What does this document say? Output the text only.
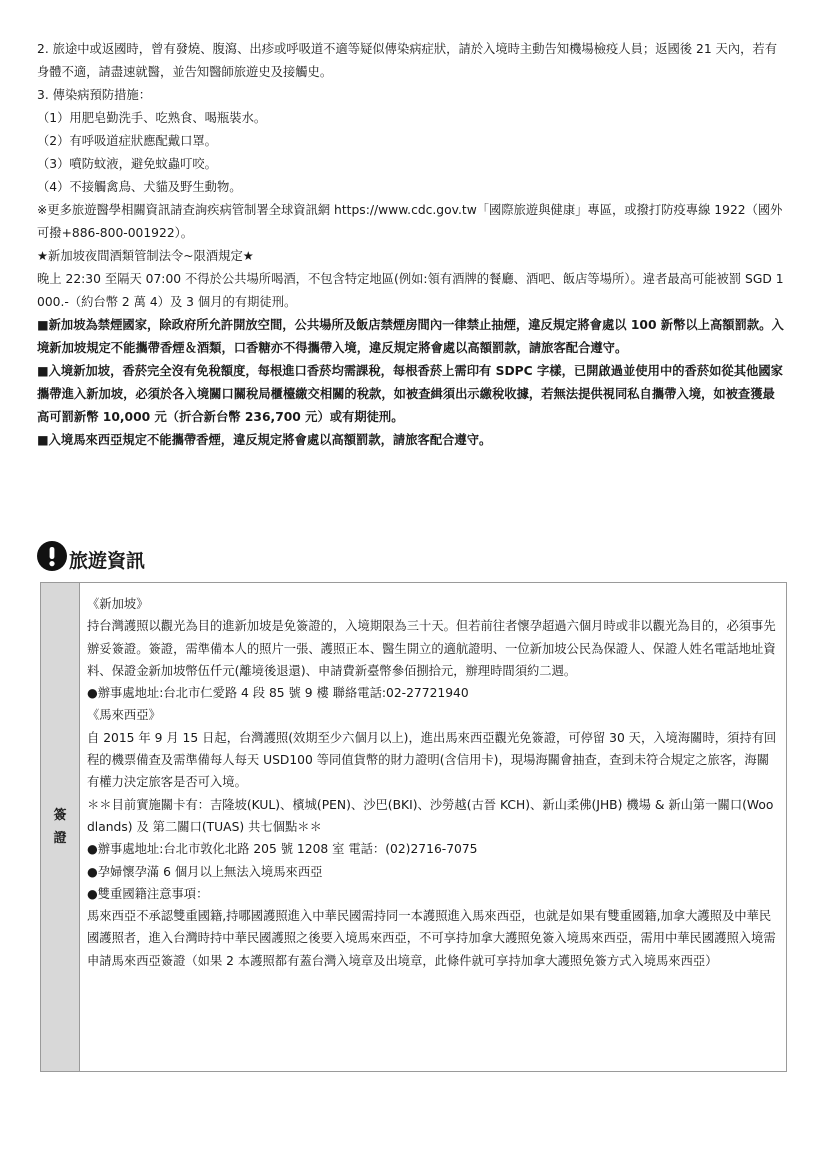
2. 旅途中或返國時，曾有發燒、腹瀉、出疹或呼吸道不適等疑似傳染病症狀，請於入境時主動告知機場檢疫人員；返國後 21 天內，若有身體不適，請盡速就醫，並告知醫師旅遊史及接觸史。

3. 傳染病預防措施：

（1）用肥皂勤洗手、吃熟食、喝瓶裝水。

（2）有呼吸道症狀應配戴口罩。

（3）噴防蚊液，避免蚊蟲叮咬。

（4）不接觸禽鳥、犬貓及野生動物。

※更多旅遊醫學相關資訊請查詢疾病管制署全球資訊網 https://www.cdc.gov.tw「國際旅遊與健康」專區，或撥打防疫專線 1922（國外可撥+886-800-001922）。

★新加坡夜間酒類管制法令~限酒規定★

晚上 22:30 至隔天 07:00 不得於公共場所喝酒，不包含特定地區(例如:領有酒牌的餐廳、酒吧、飯店等場所）。違者最高可能被罰 SGD 1000.-（約台幣 2 萬 4）及 3 個月的有期徒刑。

■新加坡為禁煙國家，除政府所允許開放空間，公共場所及飯店禁煙房間內一律禁止抽煙，違反規定將會處以 100 新幣以上高額罰款。入境新加坡規定不能攜帶香煙＆酒類，口香糖亦不得攜帶入境，違反規定將會處以高額罰款，請旅客配合遵守。

■入境新加坡，香菸完全沒有免稅額度，每根進口香菸均需課稅，每根香菸上需印有 SDPC 字樣，已開啟過並使用中的香菸如從其他國家攜帶進入新加坡，必須於各入境關口關稅局櫃檯繳交相關的稅款，如被查緝須出示繳稅收據，若無法提供視同私自攜帶入境，如被查獲最高可罰新幣 10,000 元（折合新台幣 236,700 元）或有期徒刑。

■入境馬來西亞規定不能攜帶香煙，違反規定將會處以高額罰款，請旅客配合遵守。

旅遊資訊
簽證

《新加坡》

持台灣護照以觀光為目的進新加坡是免簽證的，入境期限為三十天。但若前往者懷孕超過六個月時或非以觀光為目的，必須事先辦妥簽證。簽證，需準備本人的照片一張、護照正本、醫生開立的適航證明、一位新加坡公民為保證人、保證人姓名電話地址資料、保證金新加坡幣伍仟元(離境後退還)、申請費新臺幣參佰捌拾元，辦理時間須約二週。

●辦事處地址:台北市仁愛路 4 段 85 號 9 樓 聯絡電話:02-27721940

《馬來西亞》

自 2015 年 9 月 15 日起，台灣護照(效期至少六個月以上)，進出馬來西亞觀光免簽證，可停留 30 天，入境海關時，須持有回程的機票備查及需準備每人每天 USD100 等同值貨幣的財力證明(含信用卡)，現場海關會抽查，查到未符合規定之旅客，海關有權力決定旅客是否可入境。

＊＊目前實施關卡有：吉隆坡(KUL)、檳城(PEN)、沙巴(BKI)、沙勞越(古晉 KCH)、新山柔佛(JHB) 機場 & 新山第一關口(Woodlands) 及 第二關口(TUAS) 共七個點＊＊

●辦事處地址:台北市敦化北路 205 號 1208 室 電話：(02)2716-7075

●孕婦懷孕滿 6 個月以上無法入境馬來西亞

●雙重國籍注意事項：

馬來西亞不承認雙重國籍,持哪國護照進入中華民國需持同一本護照進入馬來西亞，也就是如果有雙重國籍,加拿大護照及中華民國護照者，進入台灣時持中華民國護照之後要入境馬來西亞，不可享持加拿大護照免簽入境馬來西亞，需用中華民國護照入境需申請馬來西亞簽證（如果 2 本護照都有蓋台灣入境章及出境章，此條件就可享持加拿大護照免簽方式入境馬來西亞）
